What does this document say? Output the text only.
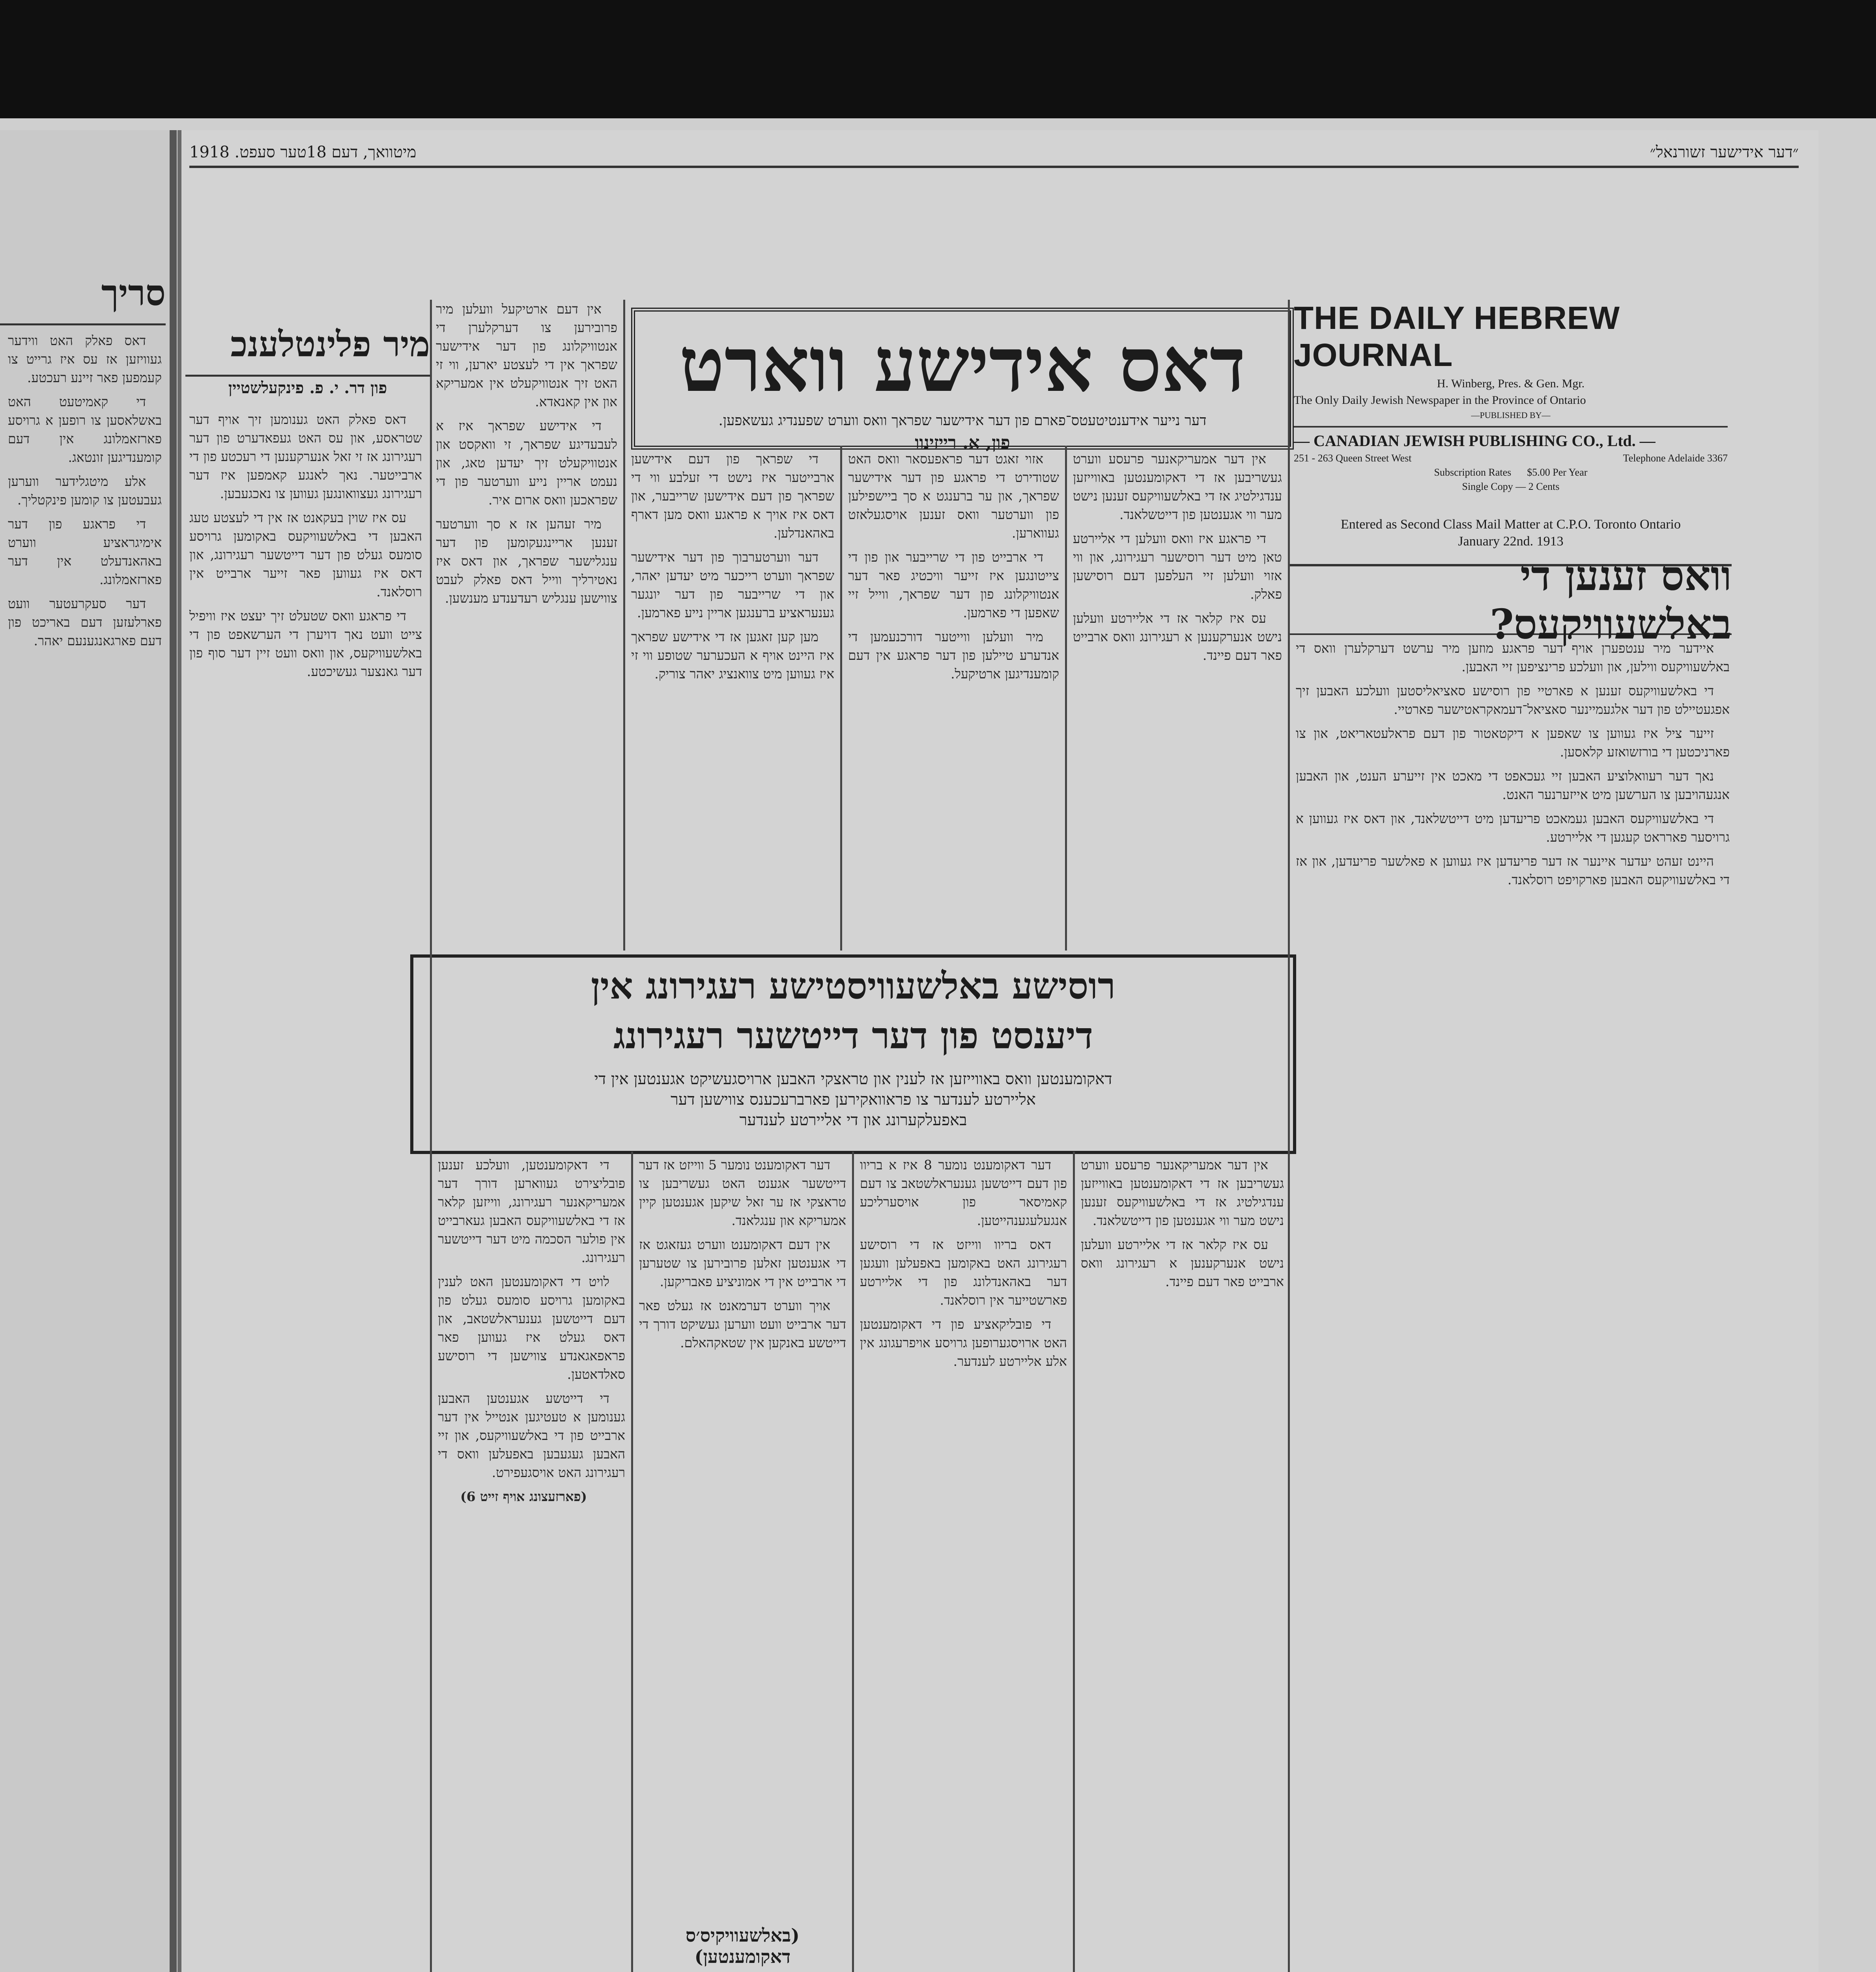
מיטוואך, דעם 18טער סעפט. 1918	״דער אידישער זשורנאל״
THE DAILY HEBREW JOURNAL
H. Winberg, Pres. & Gen. Mgr.
The Only Daily Jewish Newspaper in the Province of Ontario
—PUBLISHED BY—
— CANADIAN JEWISH PUBLISHING CO., Ltd. —
251 - 263 Queen Street West	Telephone Adelaide 3367
Subscription Rates $5.00 Per Year
Single Copy — 2 Cents
Entered as Second Class Mail Matter at C.P.O. Toronto Ontario
January 22nd. 1913
וואס זענען די באלשעוויקעס?
דאס אידישע ווארט
דער נייער אידענטיטעטס־פארם פון דער אידישער שפראך וואס ווערט שפענדיג געשאפען.
פון, א. רייזינוו
רוסישע באלשעוויסטישע רעגירונג אין
דיענסט פון דער דייטשער רעגירונג
דאקומענטען וואס באווייזען אז לענין און טראצקי האבען ארויסגעשיקט אגענטען אין די
אליירטע לענדער צו פראוואקירען פארברעכענס צווישען דער
באפעלקערונג און די אליירטע לענדער
סריך
מיר פלינטלענכ
פון דר. י. פ. פינקעלשטיין

דאס פאלק האט ווידער געוויזען אז עס איז גרייט צו קעמפען פאר זיינע רעכטע.

די קאמיטעט האט באשלאסען צו רופען א גרויסע פארזאמלונג אין דעם קומענדיגען זונטאג.

אלע מיטגלידער ווערען געבעטען צו קומען פינקטליך.

די פראגע פון דער אימיגראציע ווערט באהאנדעלט אין דער פארזאמלונג.

דער סעקרעטער וועט פארלעזען דעם באריכט פון דעם פארגאנגענעם יאהר.

דאס פאלק האט גענומען זיך אויף דער שטראסע, און עס האט געפאדערט פון דער רעגירונג אז זי זאל אנערקענען די רעכטע פון די ארבייטער. נאך לאנגע קאמפען איז דער רעגירונג געצוואונגען געווען צו נאכגעבען.

עס איז שוין בעקאנט אז אין די לעצטע טעג האבען די באלשעוויקעס באקומען גרויסע סומעס געלט פון דער דייטשער רעגירונג, און דאס איז געווען פאר זייער ארבייט אין רוסלאנד.

די פראגע וואס שטעלט זיך יעצט איז וויפיל צייט וועט נאך דויערן די הערשאפט פון די באלשעוויקעס, און וואס וועט זיין דער סוף פון דער גאנצער געשיכטע.

אין דעם ארטיקעל וועלען מיר פרובירען צו דערקלערן די אנטוויקלונג פון דער אידישער שפראך אין די לעצטע יארען, ווי זי האט זיך אנטוויקעלט אין אמעריקא און אין קאנאדא.

די אידישע שפראך איז א לעבעדיגע שפראך, זי וואקסט און אנטוויקעלט זיך יעדען טאג, און נעמט אריין נייע ווערטער פון די שפראכען וואס ארום איר.

מיר זעהען אז א סך ווערטער זענען אריינגעקומען פון דער ענגלישער שפראך, און דאס איז נאטירליך ווייל דאס פאלק לעבט צווישען ענגליש רעדענדע מענשען.

די שפראך פון דעם אידישען ארבייטער איז נישט די זעלבע ווי די שפראך פון דעם אידישען שרייבער, און דאס איז אויך א פראגע וואס מען דארף באהאנדלען.

דער ווערטערבוך פון דער אידישער שפראך ווערט רייכער מיט יעדען יאהר, און די שרייבער פון דער יונגער גענעראציע ברענגען אריין נייע פארמען.

מען קען זאגען אז די אידישע שפראך איז היינט אויף א העכערער שטופע ווי זי איז געווען מיט צוואנציג יאהר צוריק.

אזוי זאגט דער פראפעסאר וואס האט שטודירט די פראגע פון דער אידישער שפראך, און ער ברענגט א סך ביישפילען פון ווערטער וואס זענען אויסגעלאזט געווארען.

די ארבייט פון די שרייבער און פון די צייטונגען איז זייער וויכטיג פאר דער אנטוויקלונג פון דער שפראך, ווייל זיי שאפען די פארמען.

מיר וועלען ווייטער דורכנעמען די אנדערע טיילען פון דער פראגע אין דעם קומענדיגען ארטיקעל.

אין דער אמעריקאנער פרעסע ווערט געשריבען אז די דאקומענטען באווייזען ענדגילטיג אז די באלשעוויקעס זענען נישט מער ווי אגענטען פון דייטשלאנד.

די פראגע איז וואס וועלען די אליירטע טאן מיט דער רוסישער רעגירונג, און ווי אזוי וועלען זיי העלפען דעם רוסישען פאלק.

עס איז קלאר אז די אליירטע וועלען נישט אנערקענען א רעגירונג וואס ארבייט פאר דעם פיינד.

די דאקומענטען, וועלכע זענען פובליצירט געווארען דורך דער אמעריקאנער רעגירונג, ווייזען קלאר אז די באלשעוויקעס האבען געארבייט אין פולער הסכמה מיט דער דייטשער רעגירונג.

לויט די דאקומענטען האט לענין באקומען גרויסע סומעס געלט פון דעם דייטשען גענעראלשטאב, און דאס געלט איז געווען פאר פראפאגאנדע צווישען די רוסישע סאלדאטען.

די דייטשע אגענטען האבען גענומען א טעטיגען אנטייל אין דער ארבייט פון די באלשעוויקעס, און זיי האבען געגעבען באפעלען וואס די רעגירונג האט אויסגעפירט.

(פארזעצונג אויף זייט 6)

דער דאקומענט נומער 5 ווייזט אז דער דייטשער אגענט האט געשריבען צו טראצקי אז ער זאל שיקען אגענטען קיין אמעריקא און ענגלאנד.

אין דעם דאקומענט ווערט געזאגט אז די אגענטען זאלען פרובירען צו שטערען די ארבייט אין די אמוניציע פאבריקען.

אויך ווערט דערמאנט אז געלט פאר דער ארבייט וועט ווערען געשיקט דורך די דייטשע באנקען אין שטאקהאלם.

דער דאקומענט נומער 8 איז א בריוו פון דעם דייטשען גענעראלשטאב צו דעם קאמיסאר פון אויסערליכע אנגעלעגענהייטען.

דאס בריוו ווייזט אז די רוסישע רעגירונג האט באקומען באפעלען וועגען דער באהאנדלונג פון די אליירטע פארשטייער אין רוסלאנד.

די פובליקאציע פון די דאקומענטען האט ארויסגערופען גרויסע אויפרעגונג אין אלע אליירטע לענדער.

אין דער אמעריקאנער פרעסע ווערט געשריבען אז די דאקומענטען באווייזען ענדגילטיג אז די באלשעוויקעס זענען נישט מער ווי אגענטען פון דייטשלאנד.

עס איז קלאר אז די אליירטע וועלען נישט אנערקענען א רעגירונג וואס ארבייט פאר דעם פיינד.

איידער מיר ענטפערן אויף דער פראגע מוזען מיר ערשט דערקלערן וואס די באלשעוויקעס ווילען, און וועלכע פרינציפען זיי האבען.

די באלשעוויקעס זענען א פארטיי פון רוסישע סאציאליסטען וועלכע האבען זיך אפגעטיילט פון דער אלגעמיינער סאציאל־דעמאקראטישער פארטיי.

זייער ציל איז געווען צו שאפען א דיקטאטור פון דעם פראלעטאריאט, און צו פארניכטען די בורזשואזע קלאסען.

נאך דער רעוואלוציע האבען זיי געכאפט די מאכט אין זייערע הענט, און האבען אנגעהויבען צו הערשען מיט אייזערנער האנט.

די באלשעוויקעס האבען געמאכט פריעדען מיט דייטשלאנד, און דאס איז געווען א גרויסער פארראט קעגען די אליירטע.

היינט זעהט יעדער איינער אז דער פריעדען איז געווען א פאלשער פריעדען, און אז די באלשעוויקעס האבען פארקויפט רוסלאנד.

(באלשעוויקיס׳ס דאקומענטען)
